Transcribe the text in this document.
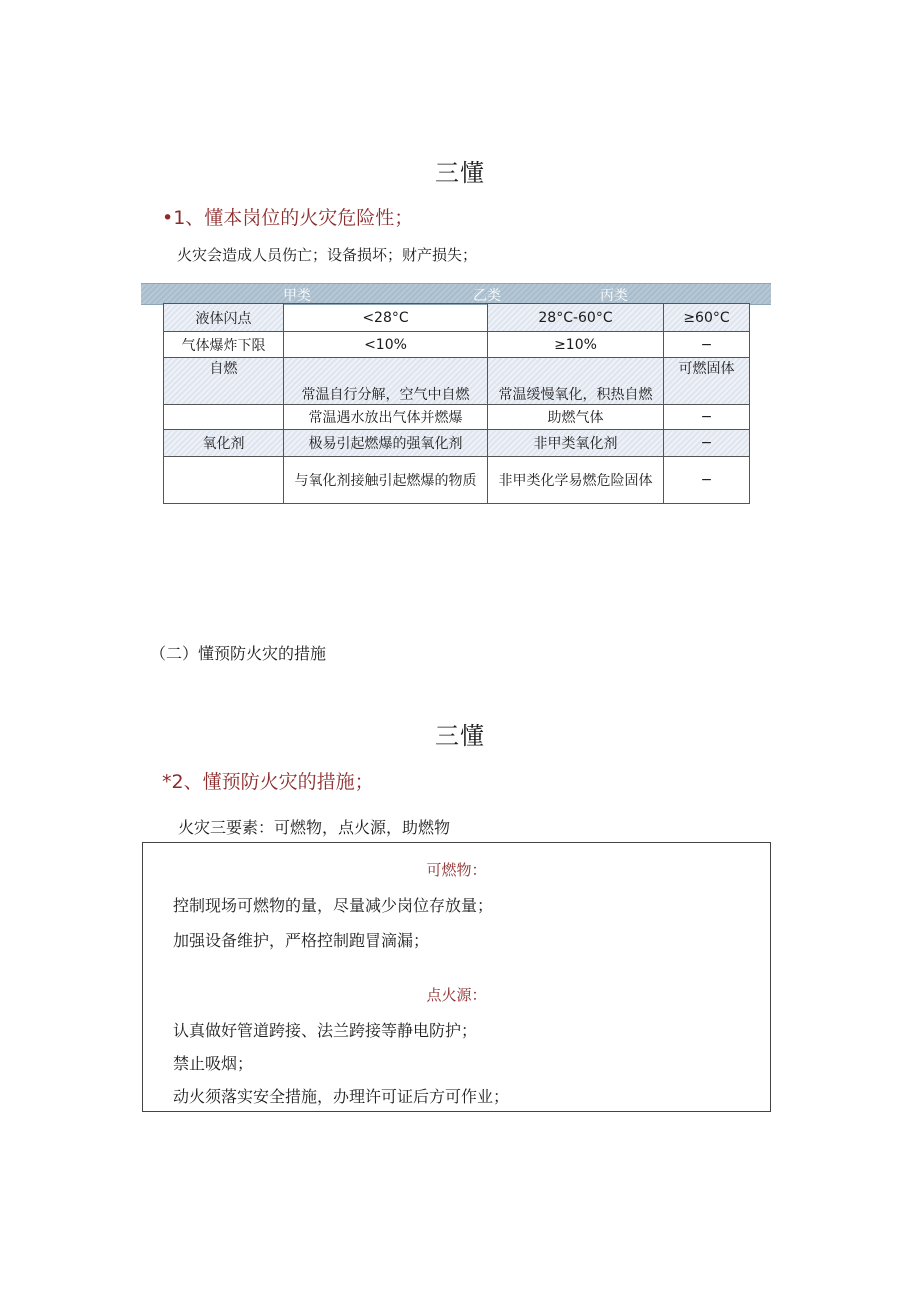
三懂
•1、懂本岗位的火灾危险性；
火灾会造成人员伤亡；设备损坏；财产损失；
甲类	乙类	丙类
液体闪点	<28°C	28°C-60°C	≥60°C
气体爆炸下限	<10%	≥10%	−
自燃	常温自行分解，空气中自燃	常温缓慢氧化，积热自燃	可燃固体
	常温遇水放出气体并燃爆	助燃气体	−
氧化剂	极易引起燃爆的强氧化剂	非甲类氧化剂	−
	与氧化剂接触引起燃爆的物质	非甲类化学易燃危险固体	−
（二）懂预防火灾的措施
三懂
*2、懂预防火灾的措施；
火灾三要素：可燃物，点火源，助燃物
可燃物：
控制现场可燃物的量，尽量减少岗位存放量；
加强设备维护，严格控制跑冒滴漏；
点火源：
认真做好管道跨接、法兰跨接等静电防护；
禁止吸烟；
动火须落实安全措施，办理许可证后方可作业；
